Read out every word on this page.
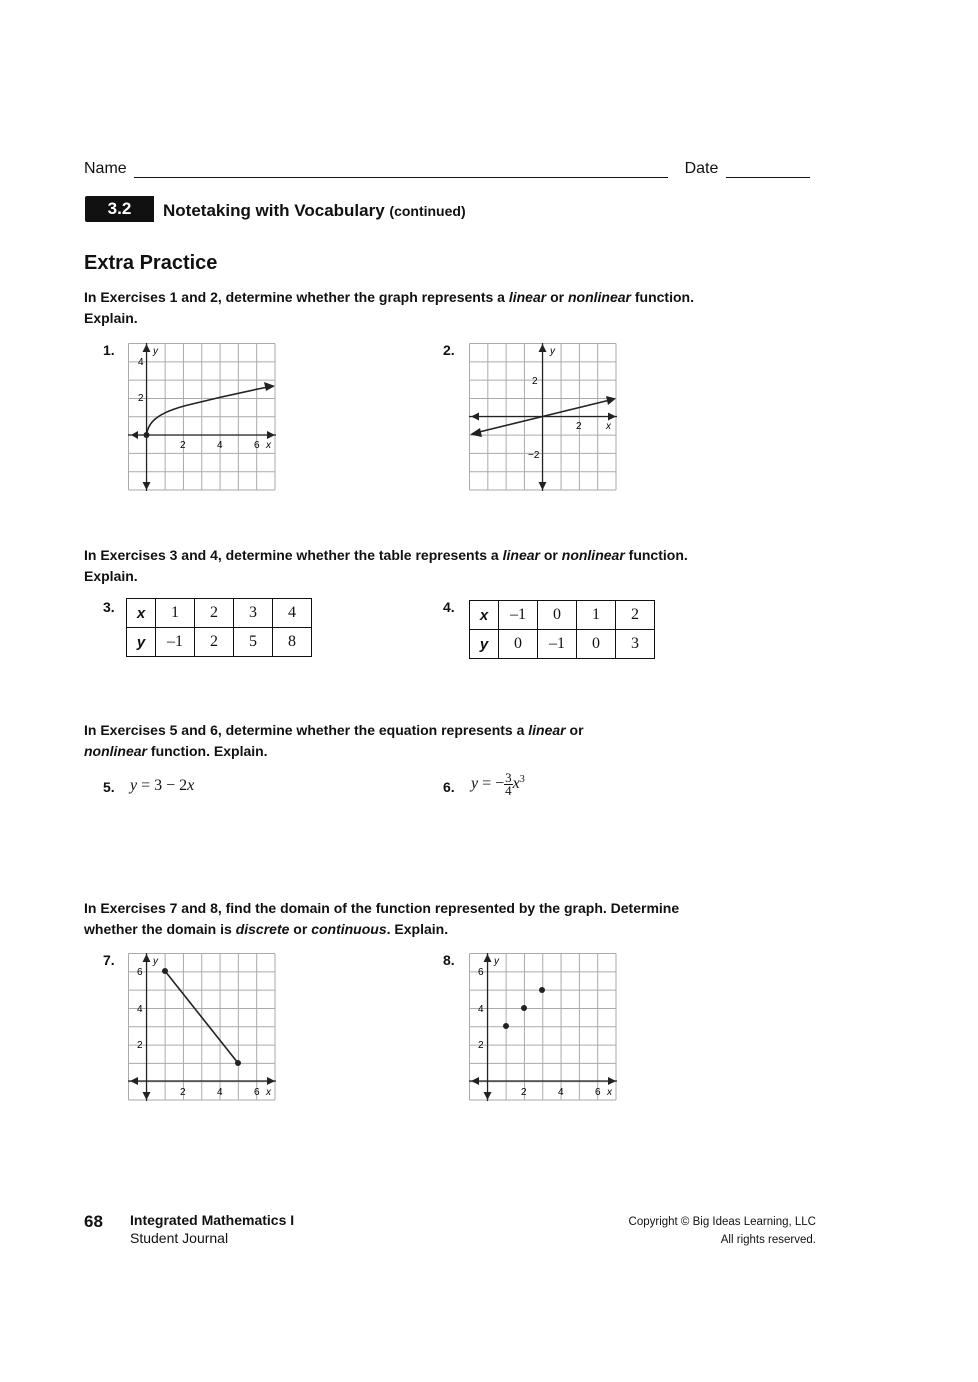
Name	Date
3.2	Notetaking with Vocabulary (continued)
Extra Practice
In Exercises 1 and 2, determine whether the graph represents a linear or nonlinear function. Explain.
1.
4
2
2	4	6 x
y	2.
2
−2
2 x
y
In Exercises 3 and 4, determine whether the table represents a linear or nonlinear function. Explain.
3. x	1	2	3	4
y	–1	2	5	8
4. x	–1	0	1	2
y	0	–1	0	3
In Exercises 5 and 6, determine whether the equation represents a linear or nonlinear function. Explain.
5. y = 3 − 2x	6. y = − $\frac{3}{4} x^3$
In Exercises 7 and 8, find the domain of the function represented by the graph. Determine whether the domain is discrete or continuous. Explain.
7.
6
4
2
2	4	6 x
y	8.
6
4
2
2	4	6 x
y
68 Integrated Mathematics I
Student Journal
Copyright © Big Ideas Learning, LLC
All rights reserved.
